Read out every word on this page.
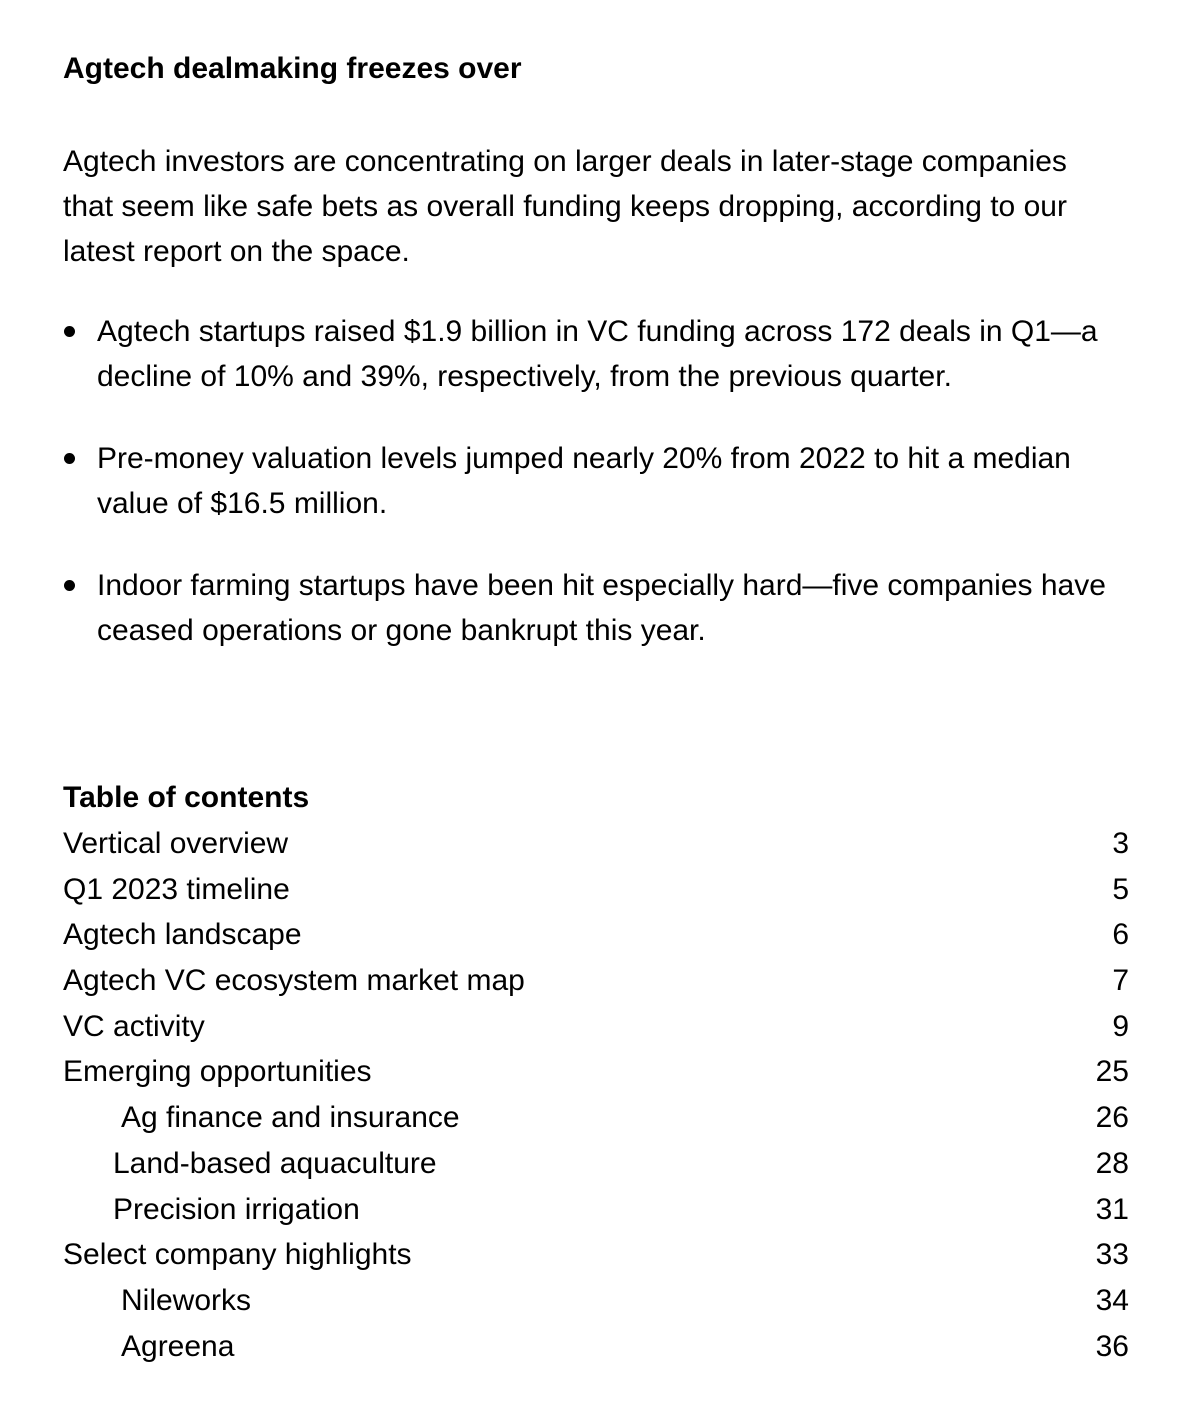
Agtech dealmaking freezes over

Agtech investors are concentrating on larger deals in later-stage companies that seem like safe bets as overall funding keeps dropping, according to our latest report on the space.

Agtech startups raised $1.9 billion in VC funding across 172 deals in Q1—a decline of 10% and 39%, respectively, from the previous quarter.
Pre-money valuation levels jumped nearly 20% from 2022 to hit a median value of $16.5 million.
Indoor farming startups have been hit especially hard—five companies have ceased operations or gone bankrupt this year.
Table of contents
Vertical overview	3
Q1 2023 timeline	5
Agtech landscape	6
Agtech VC ecosystem market map	7
VC activity	9
Emerging opportunities	25
Ag finance and insurance	26
Land-based aquaculture	28
Precision irrigation	31
Select company highlights	33
Nileworks	34
Agreena	36
